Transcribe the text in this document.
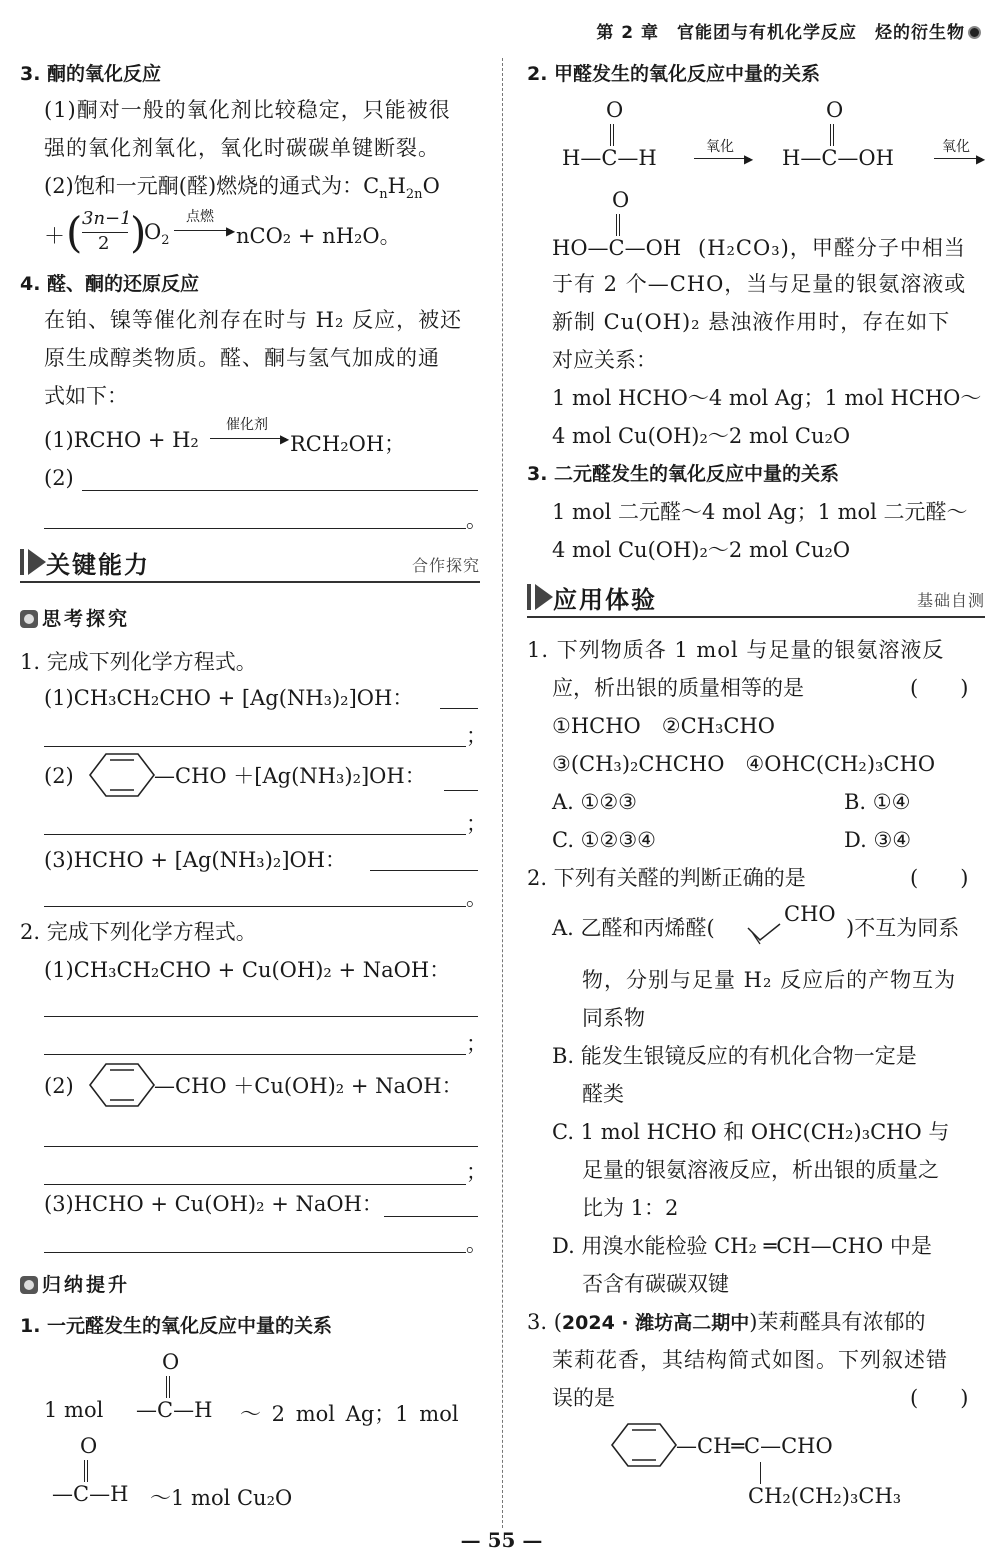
第 2 章　官能团与有机化学反应　烃的衍生物
3. 酮的氧化反应
(1)酮对一般的氧化剂比较稳定，只能被很
强的氧化剂氧化，氧化时碳碳单键断裂。
(2)饱和一元酮(醛)燃烧的通式为：$C_nH_{2n}O$
＋ ( 3n−1
2 )
$O_2$
点燃
▶ nCO₂ + nH₂O。
4. 醛、酮的还原反应
在铂、镍等催化剂存在时与 H₂ 反应，被还
原生成醇类物质。醛、酮与氢气加成的通
式如下：
(1)RCHO + H₂
催化剂
▶ RCH₂OH；
(2)
。
关键能力	合作探究
思考探究
1. 完成下列化学方程式。
(1)CH₃CH₂CHO + [Ag(NH₃)₂]OH：
；
(2)	—CHO ＋[Ag(NH₃)₂]OH：
；
(3)HCHO + [Ag(NH₃)₂]OH：
。
2. 完成下列化学方程式。
(1)CH₃CH₂CHO + Cu(OH)₂ + NaOH：
；
(2)	—CHO ＋Cu(OH)₂ + NaOH：
；
(3)HCHO + Cu(OH)₂ + NaOH：
。
归纳提升
1. 一元醛发生的氧化反应中量的关系
O
1 mol —C—H ～ 2 mol Ag；1 mol
O
—C—H ～1 mol Cu₂O
2. 甲醛发生的氧化反应中量的关系
O
H—C—H	氧化
▶
O
H—C—OH	氧化
▶
O
HO—C—OH (H₂CO₃)，甲醛分子中相当
于有 2 个—CHO，当与足量的银氨溶液或
新制 Cu(OH)₂ 悬浊液作用时，存在如下
对应关系：
1 mol HCHO～4 mol Ag；1 mol HCHO～
4 mol Cu(OH)₂～2 mol Cu₂O
3. 二元醛发生的氧化反应中量的关系
1 mol 二元醛～4 mol Ag；1 mol 二元醛～
4 mol Cu(OH)₂～2 mol Cu₂O
应用体验	基础自测
1. 下列物质各 1 mol 与足量的银氨溶液反
应，析出银的质量相等的是	(　　)
①HCHO　②CH₃CHO
③(CH₃)₂CHCHO　④OHC(CH₂)₃CHO
A. ①②③	B. ①④
C. ①②③④	D. ③④
2. 下列有关醛的判断正确的是	(　　)
A. 乙醛和丙烯醛(
CHO
)不互为同系
物，分别与足量 H₂ 反应后的产物互为
同系物
B. 能发生银镜反应的有机化合物一定是
醛类
C. 1 mol HCHO 和 OHC(CH₂)₃CHO 与
足量的银氨溶液反应，析出银的质量之
比为 1：2
D. 用溴水能检验 CH₂ ═CH—CHO 中是
否含有碳碳双键
3. (2024 · 潍坊高二期中)茉莉醛具有浓郁的
茉莉花香，其结构简式如图。下列叙述错
误的是	(　　)
—CH═C—CHO
CH₂(CH₂)₃CH₃
— 55 —
